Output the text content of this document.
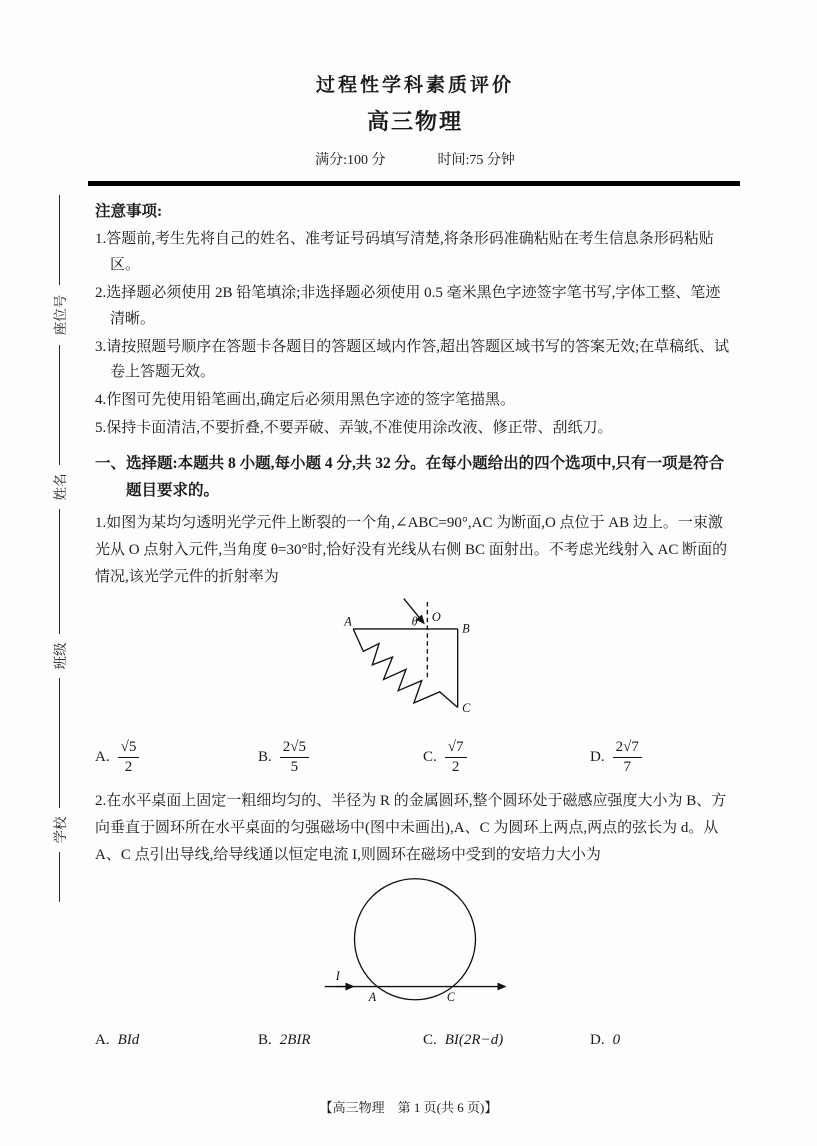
座位号
姓名
班级
学校
过程性学科素质评价
高三物理
满分:100 分	时间:75 分钟
注意事项:
1.答题前,考生先将自己的姓名、准考证号码填写清楚,将条形码准确粘贴在考生信息条形码粘贴区。
2.选择题必须使用 2B 铅笔填涂;非选择题必须使用 0.5 毫米黑色字迹签字笔书写,字体工整、笔迹清晰。
3.请按照题号顺序在答题卡各题目的答题区域内作答,超出答题区域书写的答案无效;在草稿纸、试卷上答题无效。
4.作图可先使用铅笔画出,确定后必须用黑色字迹的签字笔描黑。
5.保持卡面清洁,不要折叠,不要弄破、弄皱,不准使用涂改液、修正带、刮纸刀。
一、选择题:本题共 8 小题,每小题 4 分,共 32 分。在每小题给出的四个选项中,只有一项是符合题目要求的。
1.如图为某均匀透明光学元件上断裂的一个角,∠ABC=90°,AC 为断面,O 点位于 AB 边上。一束激光从 O 点射入元件,当角度 θ=30°时,恰好没有光线从右侧 BC 面射出。不考虑光线射入 AC 断面的情况,该光学元件的折射率为
A	O
B
C
θ
A. $\frac{√5}{2}$	B. $\frac{2√5}{5}$	C. $\frac{√7}{2}$	D. $\frac{2√7}{7}$
2.在水平桌面上固定一粗细均匀的、半径为 R 的金属圆环,整个圆环处于磁感应强度大小为 B、方向垂直于圆环所在水平桌面的匀强磁场中(图中未画出),A、C 为圆环上两点,两点的弦长为 d。从 A、C 点引出导线,给导线通以恒定电流 I,则圆环在磁场中受到的安培力大小为
I
A	C
A. BId	B. 2BIR	C. BI(2R−d)	D. 0
【高三物理　第 1 页(共 6 页)】
